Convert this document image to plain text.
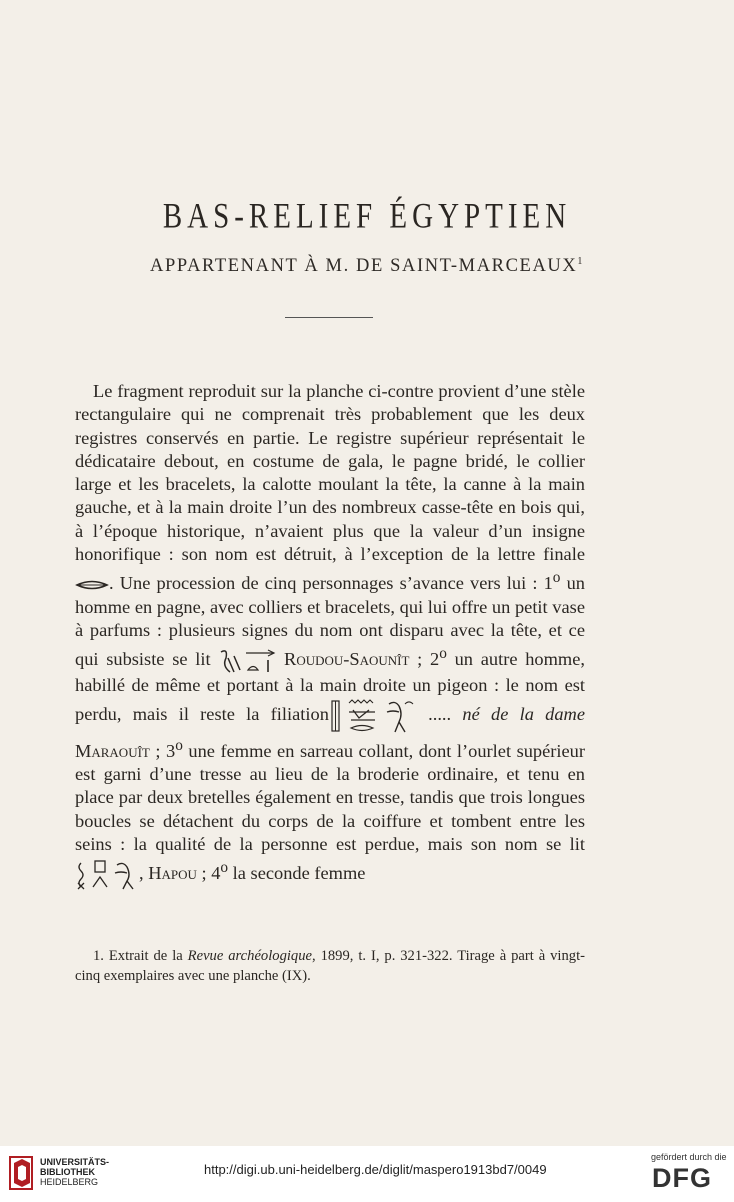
BAS-RELIEF ÉGYPTIEN
APPARTENANT À M. DE SAINT-MARCEAUX$^1$

Le fragment reproduit sur la planche ci-contre provient d’une stèle rectangulaire qui ne comprenait très probablement que les deux registres conservés en partie. Le registre supérieur représentait le dédicataire debout, en costume de gala, le pagne bridé, le collier large et les bracelets, la calotte moulant la tête, la canne à la main gauche, et à la main droite l’un des nombreux casse-tête en bois qui, à l’époque historique, n’avaient plus que la valeur d’un insigne honorifique : son nom est détruit, à l’exception de la lettre finale . Une procession de cinq personnages s’avance vers lui : 1$^o$ un homme en pagne, avec colliers et bracelets, qui lui offre un petit vase à parfums : plusieurs signes du nom ont disparu avec la tête, et ce qui subsiste se lit	Roudou-Saounît ; 2$^o$ un autre homme, habillé de même et portant à la main droite un pigeon : le nom est perdu, mais il reste la filiation	..... né de la dame Maraouît ; 3$^o$ une femme en sarreau collant, dont l’ourlet supérieur est garni d’une tresse au lieu de la broderie ordinaire, et tenu en place par deux bretelles également en tresse, tandis que trois longues boucles se détachent du corps de la coiffure et tombent entre les seins : la qualité de la personne est perdue, mais son nom se lit , Hapou ; 4$^o$ la seconde femme

1. Extrait de la Revue archéologique, 1899, t. I, p. 321-322. Tirage à part à vingt-cinq exemplaires avec une planche (IX).

UNIVERSITÄTS-
BIBLIOTHEK
HEIDELBERG
http://digi.ub.uni-heidelberg.de/diglit/maspero1913bd7/0049
gefördert durch die
DFG
